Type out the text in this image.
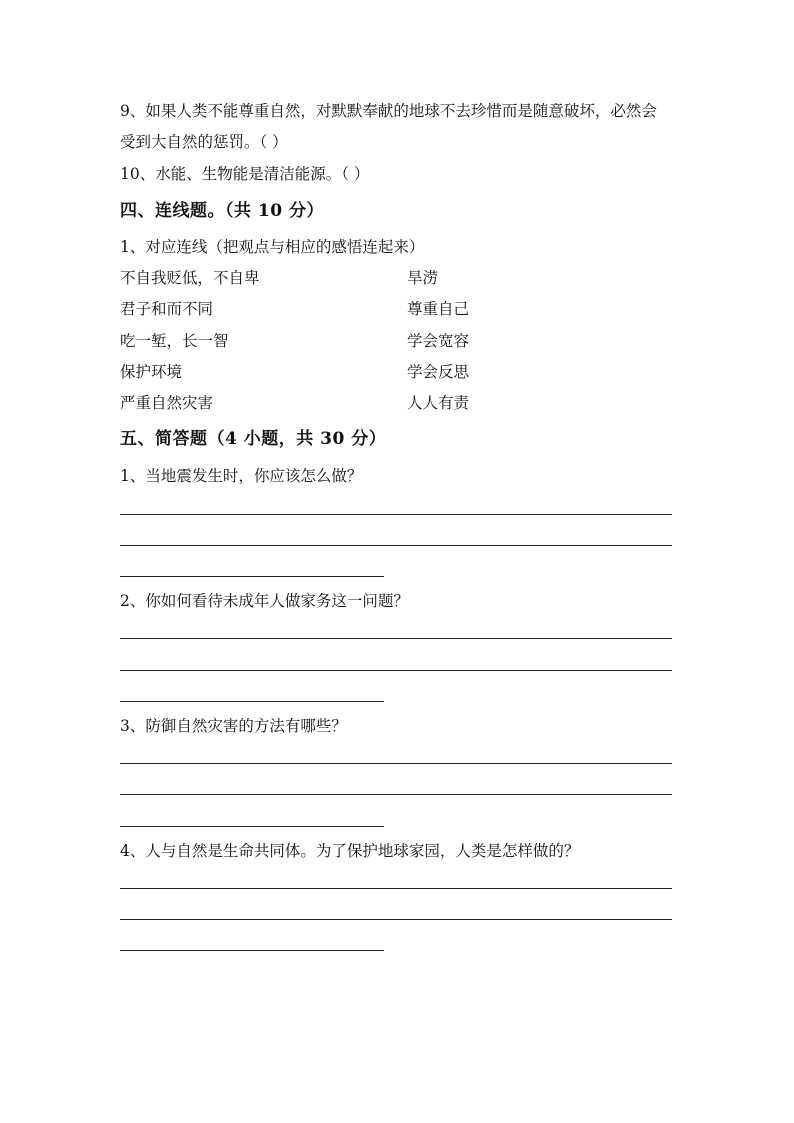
9、如果人类不能尊重自然，对默默奉献的地球不去珍惜而是随意破坏，必然会
受到大自然的惩罚。（ ）
10、水能、生物能是清洁能源。（ ）
四、连线题。（共 10 分）
1、对应连线（把观点与相应的感悟连起来）
不自我贬低，不自卑	旱涝
君子和而不同	尊重自己
吃一堑，长一智	学会宽容
保护环境	学会反思
严重自然灾害	人人有责
五、简答题（4 小题，共 30 分）
1、当地震发生时，你应该怎么做？
2、你如何看待未成年人做家务这一问题？
3、防御自然灾害的方法有哪些？
4、人与自然是生命共同体。为了保护地球家园，人类是怎样做的？
